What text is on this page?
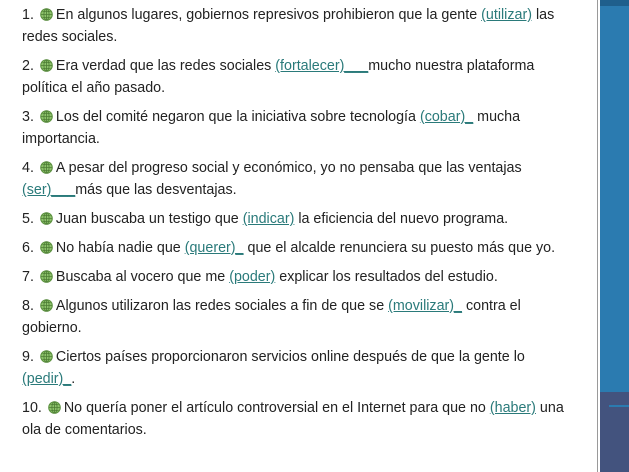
1. En algunos lugares, gobiernos represivos prohibieron que la gente (utilizar) las redes sociales.
2. Era verdad que las redes sociales (fortalecer)___mucho nuestra plataforma política el año pasado.
3. Los del comité negaron que la iniciativa sobre tecnología (cobar)_ mucha importancia.
4. A pesar del progreso social y económico, yo no pensaba que las ventajas (ser)___más que las desventajas.
5. Juan buscaba un testigo que (indicar) la eficiencia del nuevo programa.
6. No había nadie que (querer)_ que el alcalde renunciera su puesto más que yo.
7. Buscaba al vocero que me (poder) explicar los resultados del estudio.
8. Algunos utilizaron las redes sociales a fin de que se (movilizar)_ contra el gobierno.
9. Ciertos países proporcionaron servicios online después de que la gente lo (pedir)_.
10. No quería poner el artículo controversial en el Internet para que no (haber) una ola de comentarios.
